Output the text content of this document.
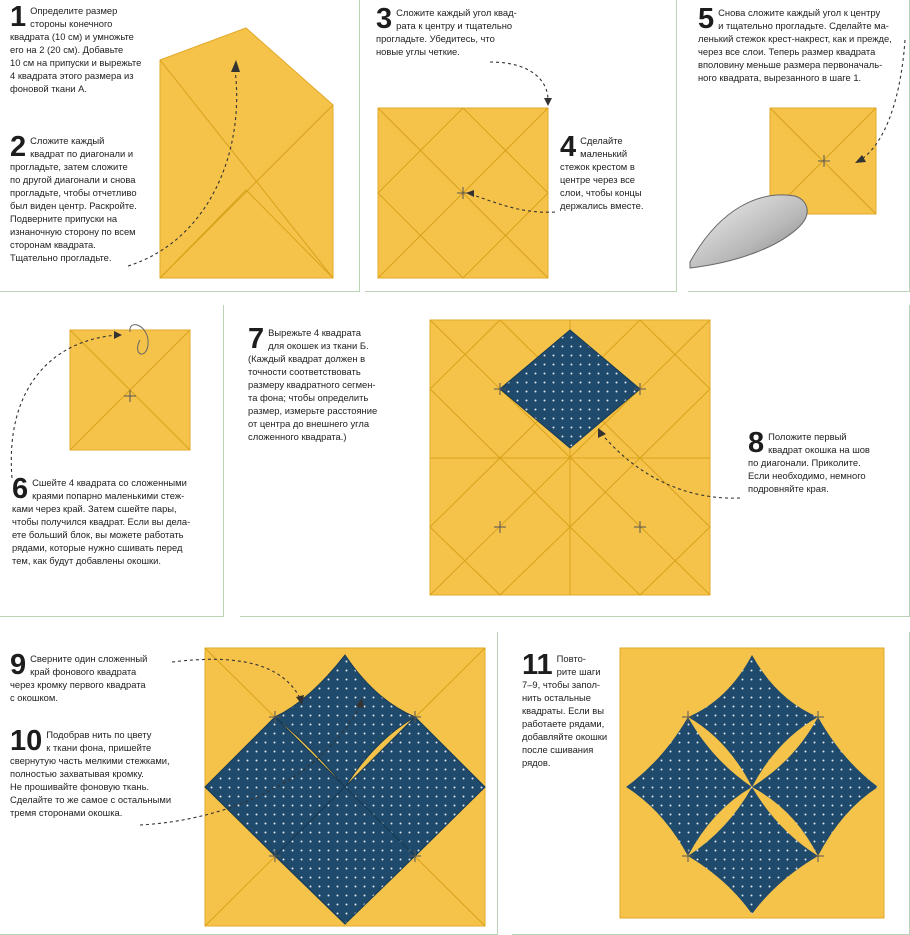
1 Определите размер
стороны конечного
квадрата (10 см) и умножьте
его на 2 (20 см). Добавьте
10 см на припуски и вырежьте
4 квадрата этого размера из
фоновой ткани А.
2 Сложите каждый
квадрат по диагонали и
прогладьте, затем сложите
по другой диагонали и снова
прогладьте, чтобы отчетливо
был виден центр. Раскройте.
Подверните припуски на
изнаночную сторону по всем
сторонам квадрата.
Тщательно прогладьте.
3 Сложите каждый угол квад-
рата к центру и тщательно
прогладьте. Убедитесь, что
новые углы четкие.
4 Сделайте
маленький
стежок крестом в
центре через все
слои, чтобы концы
держались вместе.
5 Снова сложите каждый угол к центру
и тщательно прогладьте. Сделайте ма-
ленький стежок крест-накрест, как и прежде,
через все слои. Теперь размер квадрата
вполовину меньше размера первоначаль-
ного квадрата, вырезанного в шаге 1.
6 Сшейте 4 квадрата со сложенными
краями попарно маленькими стеж-
ками через край. Затем сшейте пары,
чтобы получился квадрат. Если вы дела-
ете больший блок, вы можете работать
рядами, которые нужно сшивать перед
тем, как будут добавлены окошки.
7 Вырежьте 4 квадрата
для окошек из ткани Б.
(Каждый квадрат должен в
точности соответствовать
размеру квадратного сегмен-
та фона; чтобы определить
размер, измерьте расстояние
от центра до внешнего угла
сложенного квадрата.)	8 Положите первый
квадрат окошка на шов
по диагонали. Приколите.
Если необходимо, немного
подровняйте края.
9 Сверните один сложенный
край фонового квадрата
через кромку первого квадрата
с окошком.
10 Подобрав нить по цвету
к ткани фона, пришейте
свернутую часть мелкими стежками,
полностью захватывая кромку.
Не прошивайте фоновую ткань.
Сделайте то же самое с остальными
тремя сторонами окошка.
11 Повто-
рите шаги
7–9, чтобы запол-
нить остальные
квадраты. Если вы
работаете рядами,
добавляйте окошки
после сшивания
рядов.
